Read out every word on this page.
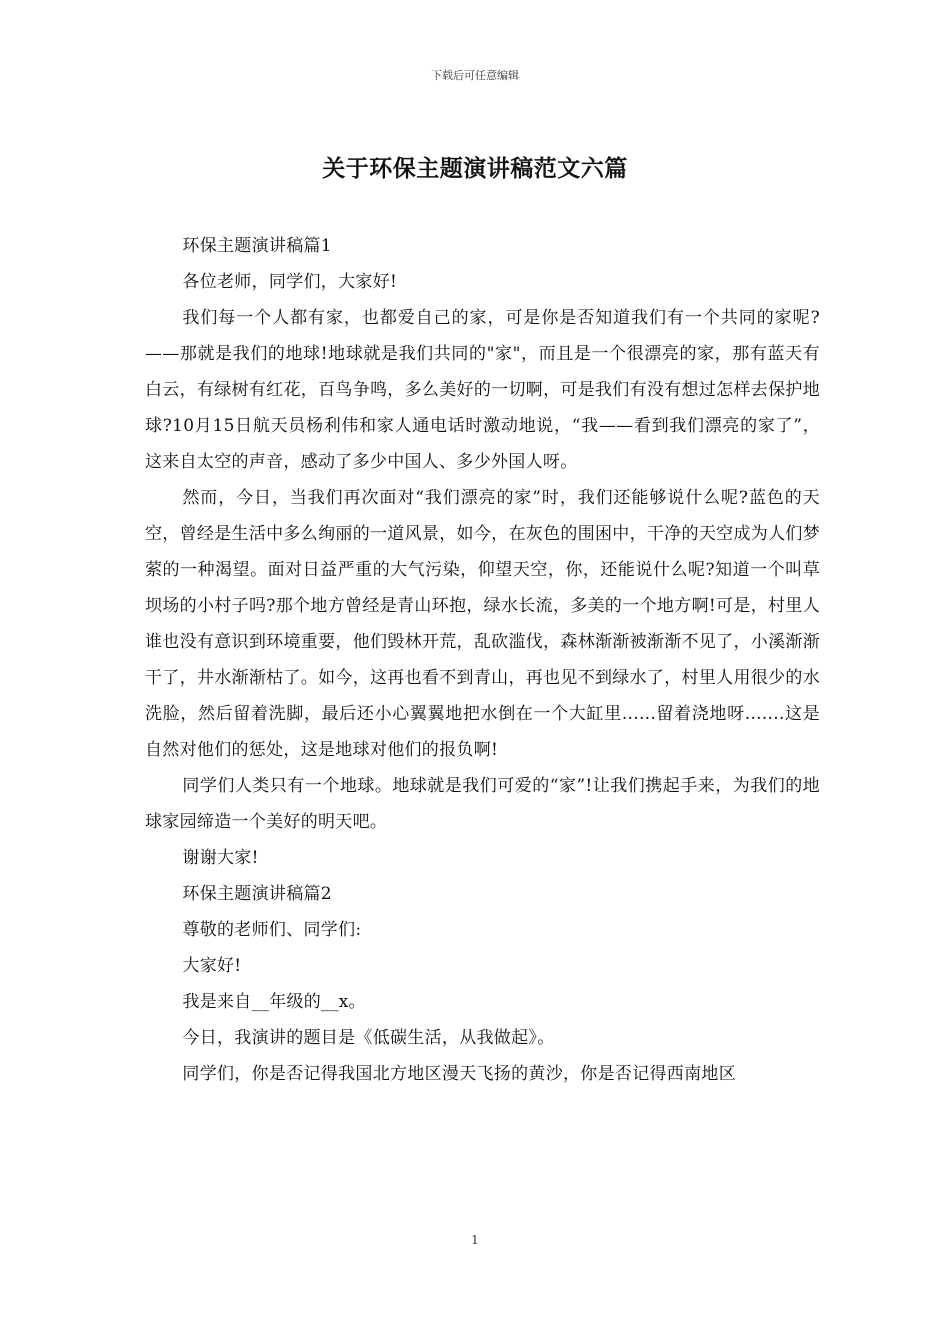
下载后可任意编辑
关于环保主题演讲稿范文六篇

环保主题演讲稿篇1

各位老师，同学们，大家好!

我们每一个人都有家，也都爱自己的家，可是你是否知道我们有一个共同的家呢?——那就是我们的地球!地球就是我们共同的"家"，而且是一个很漂亮的家，那有蓝天有白云，有绿树有红花，百鸟争鸣，多么美好的一切啊，可是我们有没有想过怎样去保护地球?10月15日航天员杨利伟和家人通电话时激动地说，“我——看到我们漂亮的家了”，这来自太空的声音，感动了多少中国人、多少外国人呀。

然而，今日，当我们再次面对“我们漂亮的家”时，我们还能够说什么呢?蓝色的天空，曾经是生活中多么绚丽的一道风景，如今，在灰色的围困中，干净的天空成为人们梦萦的一种渴望。面对日益严重的大气污染，仰望天空，你，还能说什么呢?知道一个叫草坝场的小村子吗?那个地方曾经是青山环抱，绿水长流，多美的一个地方啊!可是，村里人谁也没有意识到环境重要，他们毁林开荒，乱砍滥伐，森林渐渐被渐渐不见了，小溪渐渐干了，井水渐渐枯了。如今，这再也看不到青山，再也见不到绿水了，村里人用很少的水洗脸，然后留着洗脚，最后还小心翼翼地把水倒在一个大缸里......留着浇地呀.......这是自然对他们的惩处，这是地球对他们的报负啊!

同学们人类只有一个地球。地球就是我们可爱的“家”!让我们携起手来，为我们的地球家园缔造一个美好的明天吧。

谢谢大家!

环保主题演讲稿篇2

尊敬的老师们、同学们:

大家好!

我是来自__年级的__x。

今日，我演讲的题目是《低碳生活，从我做起》。

同学们，你是否记得我国北方地区漫天飞扬的黄沙，你是否记得西南地区

1
